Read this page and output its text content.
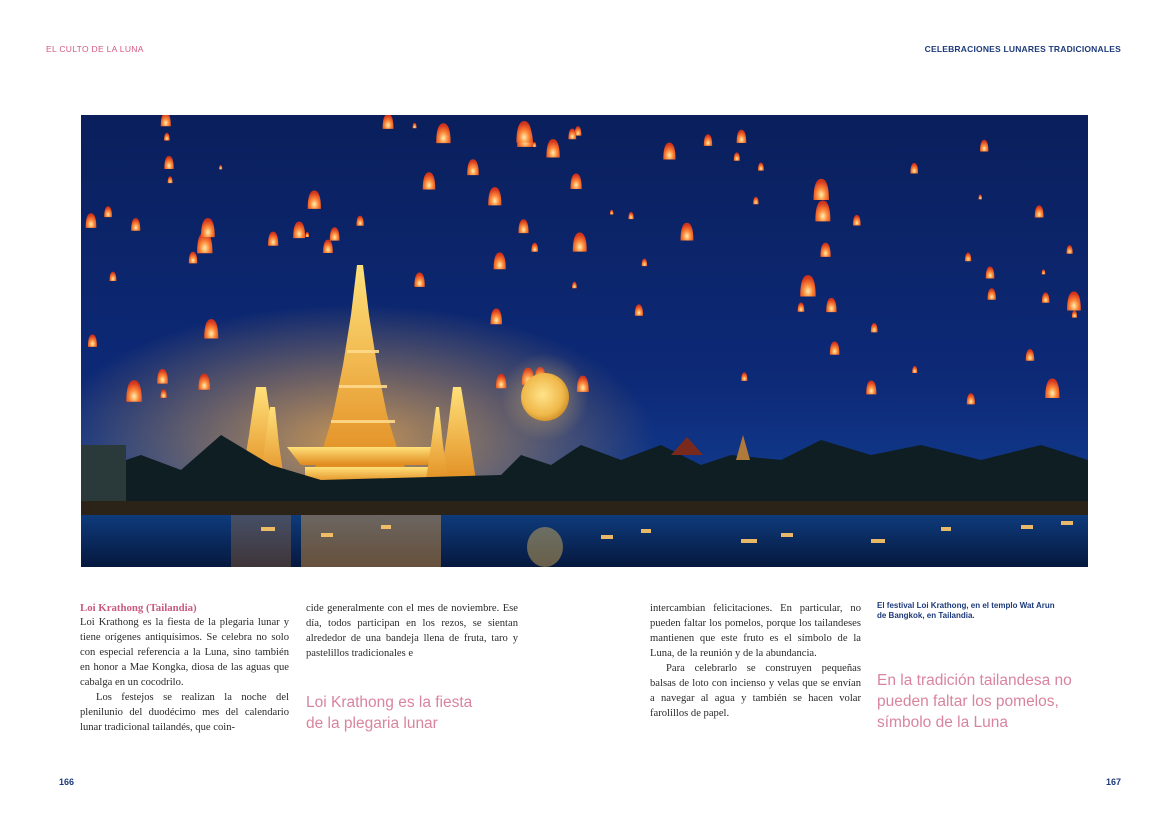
EL CULTO DE LA LUNA	CELEBRACIONES LUNARES TRADICIONALES
Loi Krathong (Tailandia)

Loi Krathong es la fiesta de la plegaria lunar y tiene orígenes antiquísimos. Se celebra no solo con especial referencia a la Luna, sino también en honor a Mae Kongka, diosa de las aguas que cabalga en un cocodrilo.

Los festejos se realizan la noche del plenilunio del duodécimo mes del calendario lunar tradicional tailandés, que coin-

cide generalmente con el mes de noviembre. Ese día, todos participan en los rezos, se sientan alrededor de una bandeja llena de fruta, taro y pastelillos tradicionales e

Loi Krathong es la fiesta de la plegaria lunar

intercambian felicitaciones. En particular, no pueden faltar los pomelos, porque los tailandeses mantienen que este fruto es el símbolo de la Luna, de la reunión y de la abundancia.

Para celebrarlo se construyen pequeñas balsas de loto con incienso y velas que se envían a navegar al agua y también se hacen volar farolillos de papel.

El festival Loi Krathong, en el templo Wat Arun de Bangkok, en Tailandia.
En la tradición tailandesa no pueden faltar los pomelos, símbolo de la Luna
166	167
